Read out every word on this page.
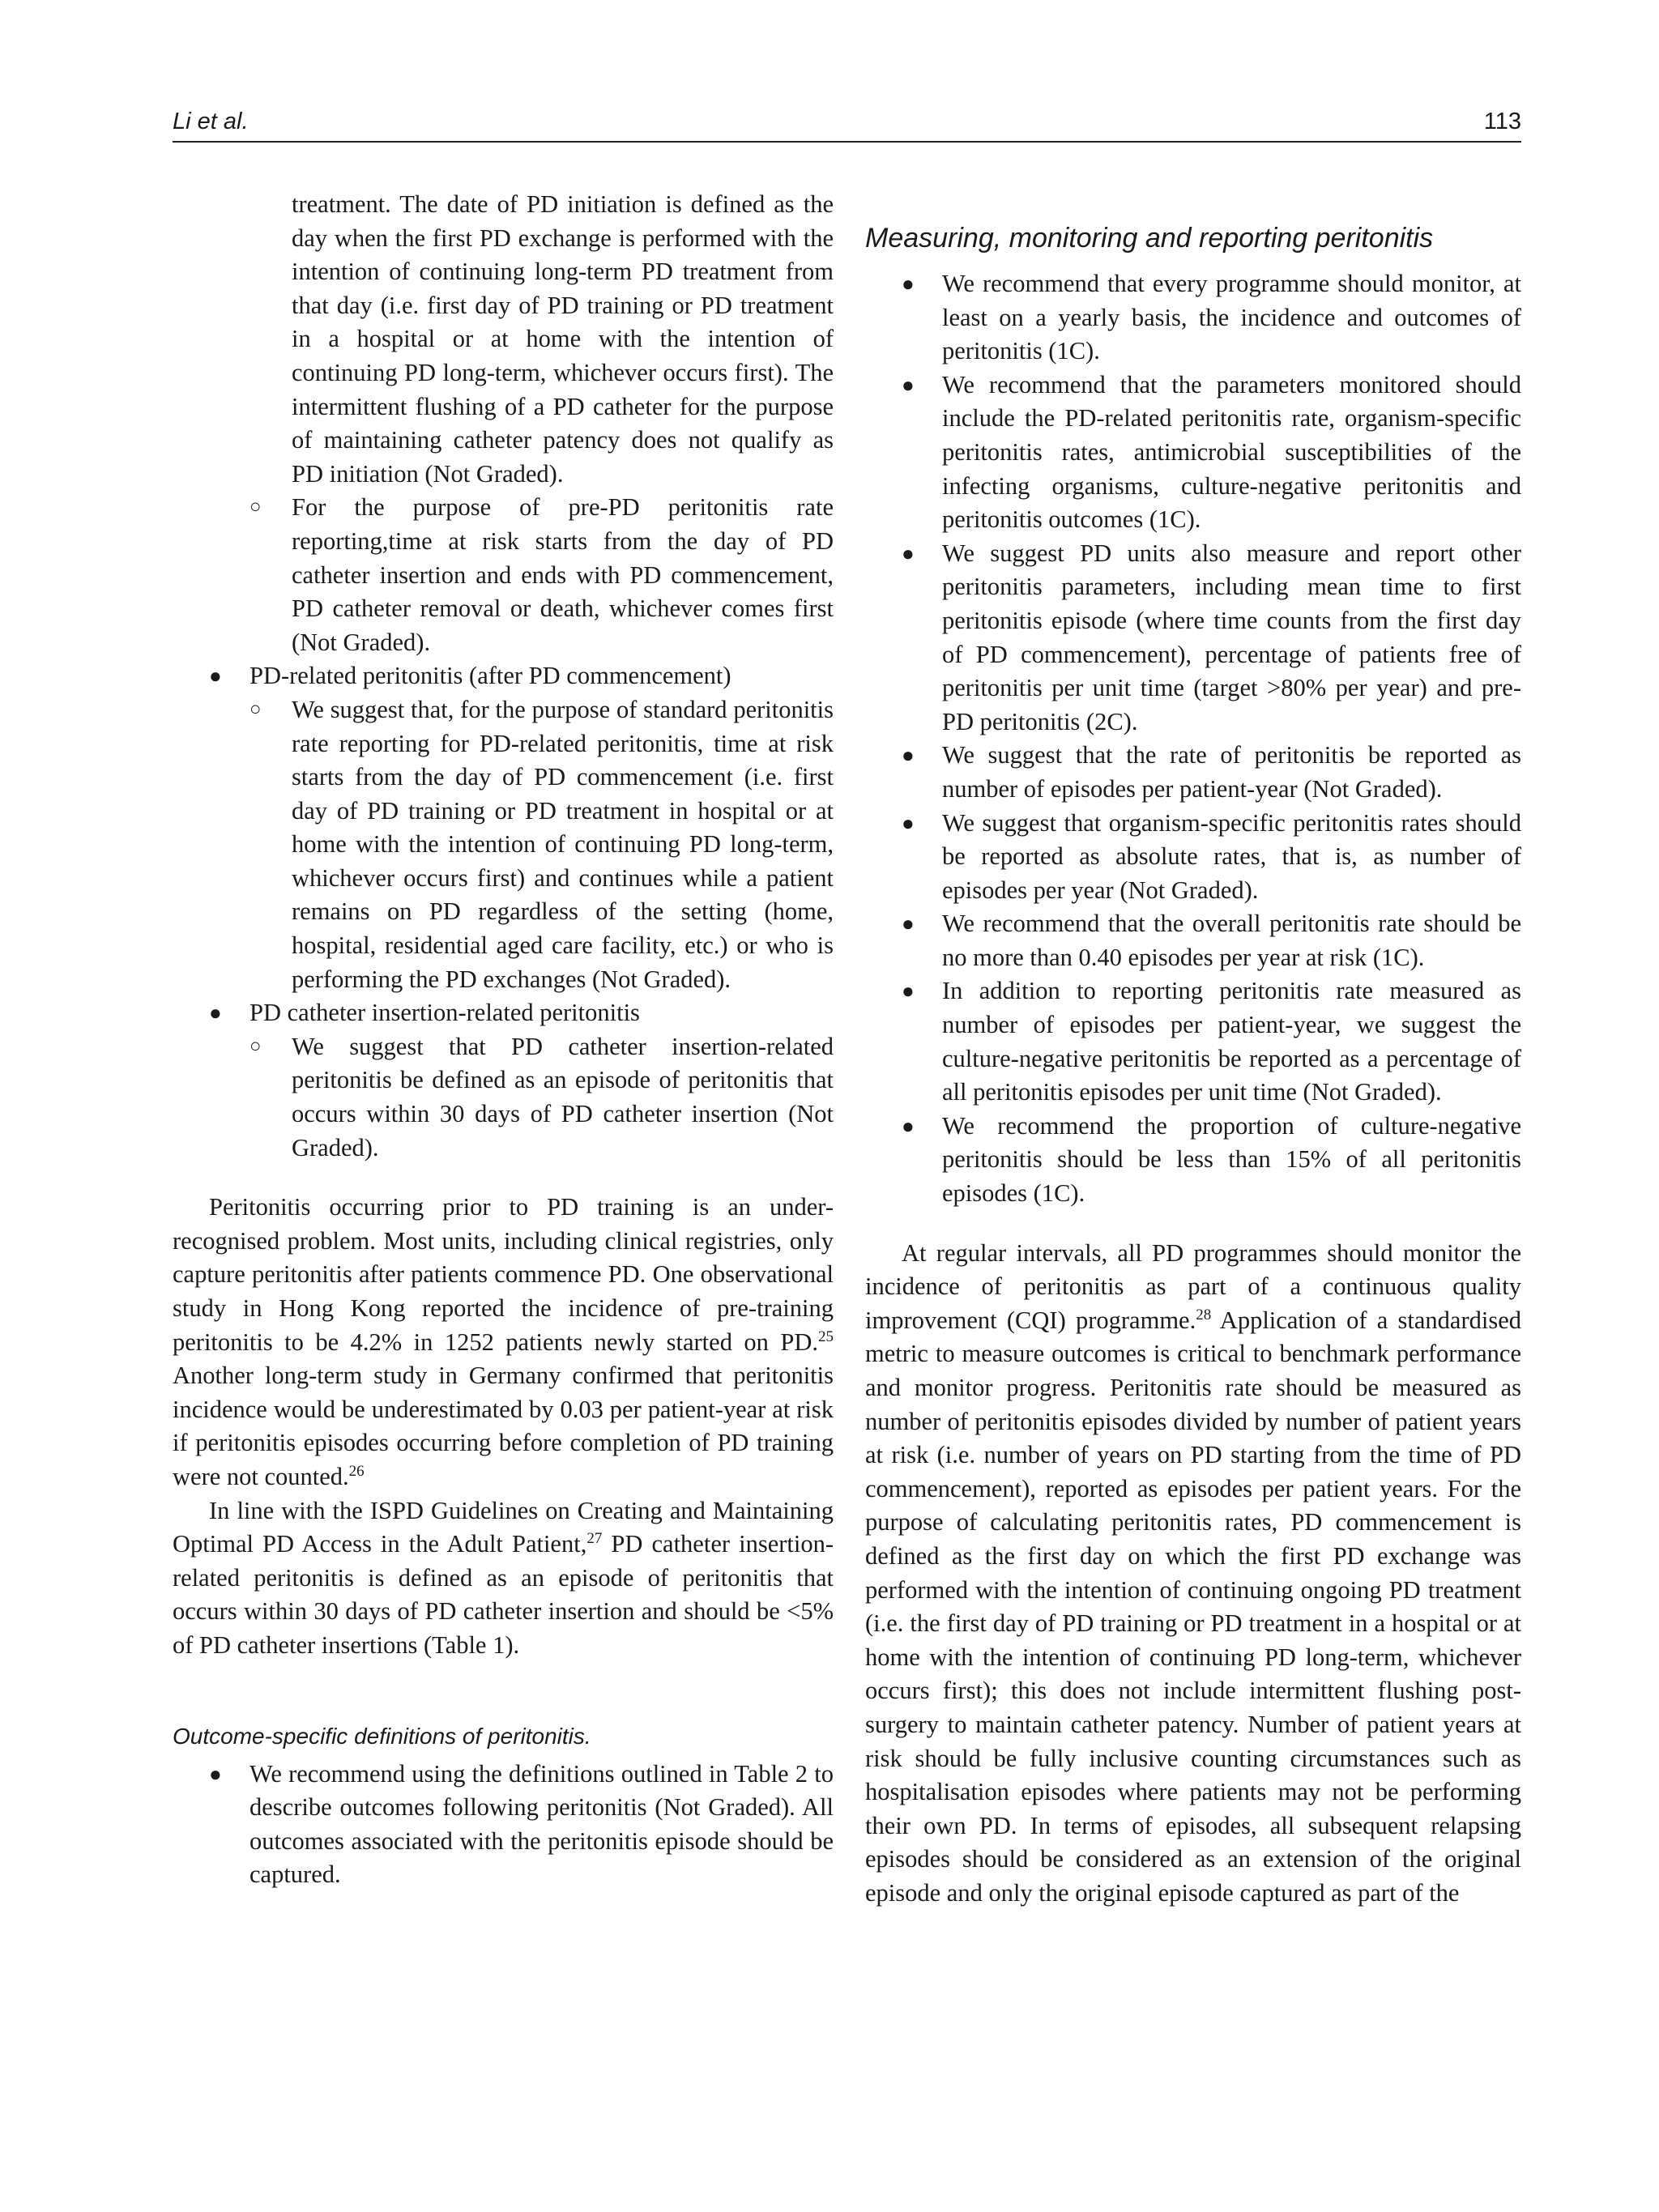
Li et al.	113

treatment. The date of PD initiation is defined as the day when the first PD exchange is performed with the intention of continuing long-term PD treatment from that day (i.e. first day of PD training or PD treatment in a hospital or at home with the intention of continuing PD long-term, whichever occurs first). The intermittent flushing of a PD catheter for the purpose of maintaining catheter patency does not qualify as PD initiation (Not Graded).

○ For the purpose of pre-PD peritonitis rate reporting,time at risk starts from the day of PD catheter insertion and ends with PD commencement, PD catheter removal or death, whichever comes first (Not Graded).

● PD-related peritonitis (after PD commencement)

○ We suggest that, for the purpose of standard peritonitis rate reporting for PD-related peritonitis, time at risk starts from the day of PD commencement (i.e. first day of PD training or PD treatment in hospital or at home with the intention of continuing PD long-term, whichever occurs first) and continues while a patient remains on PD regardless of the setting (home, hospital, residential aged care facility, etc.) or who is performing the PD exchanges (Not Graded).

● PD catheter insertion-related peritonitis

○ We suggest that PD catheter insertion-related peritonitis be defined as an episode of peritonitis that occurs within 30 days of PD catheter insertion (Not Graded).

Peritonitis occurring prior to PD training is an under-recognised problem. Most units, including clinical registries, only capture peritonitis after patients commence PD. One observational study in Hong Kong reported the incidence of pre-training peritonitis to be 4.2% in 1252 patients newly started on PD.$^{25}$ Another long-term study in Germany confirmed that peritonitis incidence would be underestimated by 0.03 per patient-year at risk if peritonitis episodes occurring before completion of PD training were not counted.$^{26}$

In line with the ISPD Guidelines on Creating and Maintaining Optimal PD Access in the Adult Patient,$^{27}$ PD catheter insertion-related peritonitis is defined as an episode of peritonitis that occurs within 30 days of PD catheter insertion and should be <5% of PD catheter insertions (Table 1).

Outcome-specific definitions of peritonitis.

● We recommend using the definitions outlined in Table 2 to describe outcomes following peritonitis (Not Graded). All outcomes associated with the peritonitis episode should be captured.

Measuring, monitoring and reporting peritonitis

● We recommend that every programme should monitor, at least on a yearly basis, the incidence and outcomes of peritonitis (1C).

● We recommend that the parameters monitored should include the PD-related peritonitis rate, organism-specific peritonitis rates, antimicrobial susceptibilities of the infecting organisms, culture-negative peritonitis and peritonitis outcomes (1C).

● We suggest PD units also measure and report other peritonitis parameters, including mean time to first peritonitis episode (where time counts from the first day of PD commencement), percentage of patients free of peritonitis per unit time (target >80% per year) and pre-PD peritonitis (2C).

● We suggest that the rate of peritonitis be reported as number of episodes per patient-year (Not Graded).

● We suggest that organism-specific peritonitis rates should be reported as absolute rates, that is, as number of episodes per year (Not Graded).

● We recommend that the overall peritonitis rate should be no more than 0.40 episodes per year at risk (1C).

● In addition to reporting peritonitis rate measured as number of episodes per patient-year, we suggest the culture-negative peritonitis be reported as a percentage of all peritonitis episodes per unit time (Not Graded).

● We recommend the proportion of culture-negative peritonitis should be less than 15% of all peritonitis episodes (1C).

At regular intervals, all PD programmes should monitor the incidence of peritonitis as part of a continuous quality improvement (CQI) programme.$^{28}$ Application of a standardised metric to measure outcomes is critical to benchmark performance and monitor progress. Peritonitis rate should be measured as number of peritonitis episodes divided by number of patient years at risk (i.e. number of years on PD starting from the time of PD commencement), reported as episodes per patient years. For the purpose of calculating peritonitis rates, PD commencement is defined as the first day on which the first PD exchange was performed with the intention of continuing ongoing PD treatment (i.e. the first day of PD training or PD treatment in a hospital or at home with the intention of continuing PD long-term, whichever occurs first); this does not include intermittent flushing post-surgery to maintain catheter patency. Number of patient years at risk should be fully inclusive counting circumstances such as hospitalisation episodes where patients may not be performing their own PD. In terms of episodes, all subsequent relapsing episodes should be considered as an extension of the original episode and only the original episode captured as part of the
